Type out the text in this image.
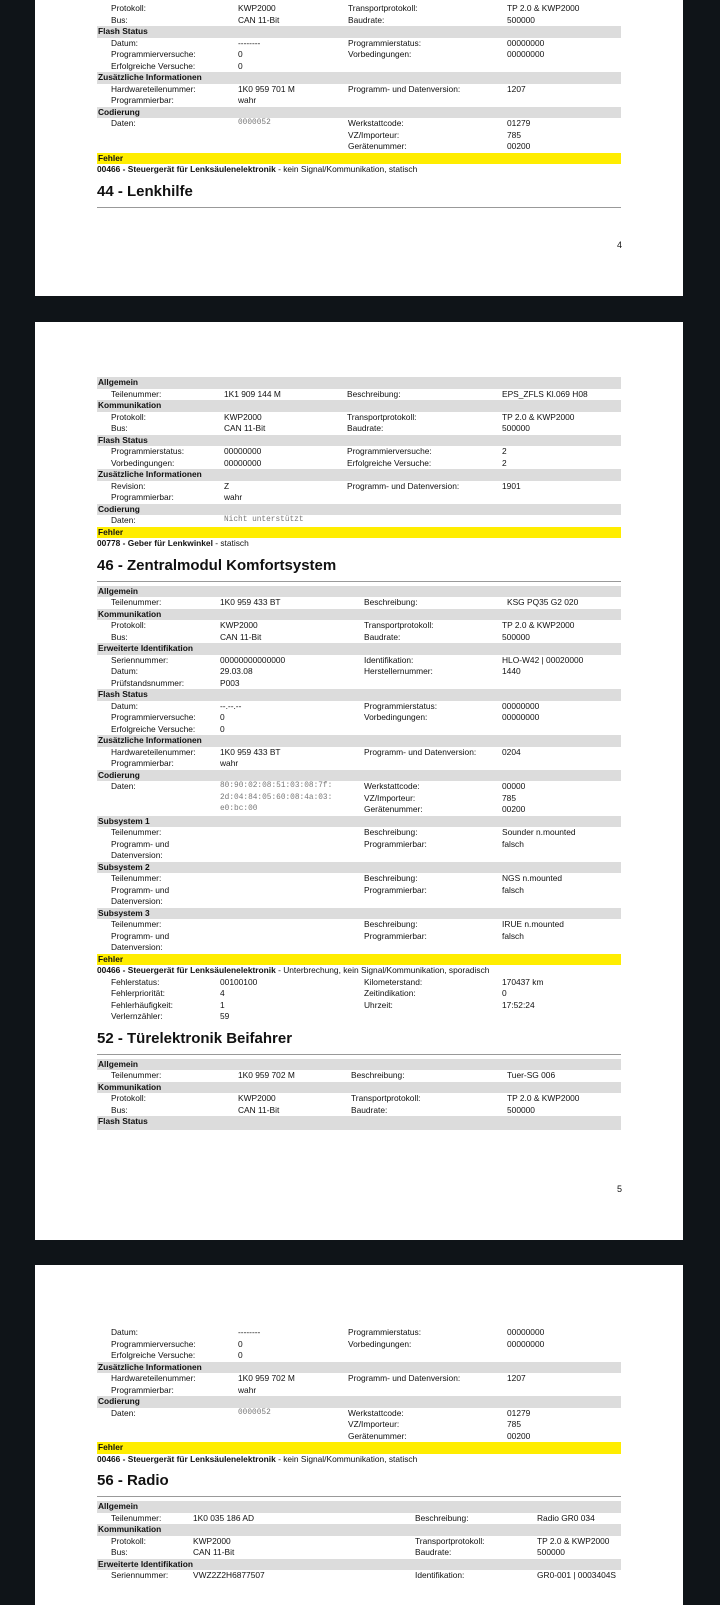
Protokoll:	KWP2000	Transportprotokoll:	TP 2.0 & KWP2000
Bus:	CAN 11-Bit	Baudrate:	500000
Flash Status
Datum:	--------	Programmierstatus:	00000000
Programmierversuche:	0	Vorbedingungen:	00000000
Erfolgreiche Versuche:	0
Zusätzliche Informationen
Hardwareteilenummer:	1K0 959 701 M	Programm- und Datenversion:	1207
Programmierbar:	wahr
Codierung
Daten:	0000052	Werkstattcode:	01279
VZ/Importeur:	785
Gerätenummer:	00200
Fehler
00466 - Steuergerät für Lenksäulenelektronik - kein Signal/Kommunikation, statisch
44 - Lenkhilfe
4
Allgemein
Teilenummer:	1K1 909 144 M	Beschreibung:	EPS_ZFLS Kl.069 H08
Kommunikation
Protokoll:	KWP2000	Transportprotokoll:	TP 2.0 & KWP2000
Bus:	CAN 11-Bit	Baudrate:	500000
Flash Status
Programmierstatus:	00000000	Programmierversuche:	2
Vorbedingungen:	00000000	Erfolgreiche Versuche:	2
Zusätzliche Informationen
Revision:	Z	Programm- und Datenversion:	1901
Programmierbar:	wahr
Codierung
Daten:	Nicht unterstützt
Fehler
00778 - Geber für Lenkwinkel - statisch
46 - Zentralmodul Komfortsystem
Allgemein
Teilenummer:	1K0 959 433 BT	Beschreibung:	KSG PQ35 G2 020
Kommunikation
Protokoll:	KWP2000	Transportprotokoll:	TP 2.0 & KWP2000
Bus:	CAN 11-Bit	Baudrate:	500000
Erweiterte Identifikation
Seriennummer:	00000000000000	Identifikation:	HLO-W42 | 00020000
Datum:	29.03.08	Herstellernummer:	1440
Prüfstandsnummer:	P003
Flash Status
Datum:	--.--.--	Programmierstatus:	00000000
Programmierversuche:	0	Vorbedingungen:	00000000
Erfolgreiche Versuche:	0
Zusätzliche Informationen
Hardwareteilenummer:	1K0 959 433 BT	Programm- und Datenversion:	0204
Programmierbar:	wahr
Codierung
Daten:	80:90:02:08:51:03:08:7f:	Werkstattcode:	00000
2d:04:84:05:60:08:4a:03:	VZ/Importeur:	785
e0:bc:00	Gerätenummer:	00200
Subsystem 1
Teilenummer:	Beschreibung:	Sounder n.mounted
Programm- und	Programmierbar:	falsch
Datenversion:
Subsystem 2
Teilenummer:	Beschreibung:	NGS n.mounted
Programm- und	Programmierbar:	falsch
Datenversion:
Subsystem 3
Teilenummer:	Beschreibung:	IRUE n.mounted
Programm- und	Programmierbar:	falsch
Datenversion:
Fehler
00466 - Steuergerät für Lenksäulenelektronik - Unterbrechung, kein Signal/Kommunikation, sporadisch
Fehlerstatus:	00100100	Kilometerstand:	170437 km
Fehlerpriorität:	4	Zeitindikation:	0
Fehlerhäufigkeit:	1	Uhrzeit:	17:52:24
Verlernzähler:	59
52 - Türelektronik Beifahrer
Allgemein
Teilenummer:	1K0 959 702 M	Beschreibung:	Tuer-SG 006
Kommunikation
Protokoll:	KWP2000	Transportprotokoll:	TP 2.0 & KWP2000
Bus:	CAN 11-Bit	Baudrate:	500000
Flash Status
5
Datum:	--------	Programmierstatus:	00000000
Programmierversuche:	0	Vorbedingungen:	00000000
Erfolgreiche Versuche:	0
Zusätzliche Informationen
Hardwareteilenummer:	1K0 959 702 M	Programm- und Datenversion:	1207
Programmierbar:	wahr
Codierung
Daten:	0000052	Werkstattcode:	01279
VZ/Importeur:	785
Gerätenummer:	00200
Fehler
00466 - Steuergerät für Lenksäulenelektronik - kein Signal/Kommunikation, statisch
56 - Radio
Allgemein
Teilenummer:	1K0 035 186 AD	Beschreibung:	Radio GR0 034
Kommunikation
Protokoll:	KWP2000	Transportprotokoll:	TP 2.0 & KWP2000
Bus:	CAN 11-Bit	Baudrate:	500000
Erweiterte Identifikation
Seriennummer:	VWZ2Z2H6877507	Identifikation:	GR0-001 | 0003404S
